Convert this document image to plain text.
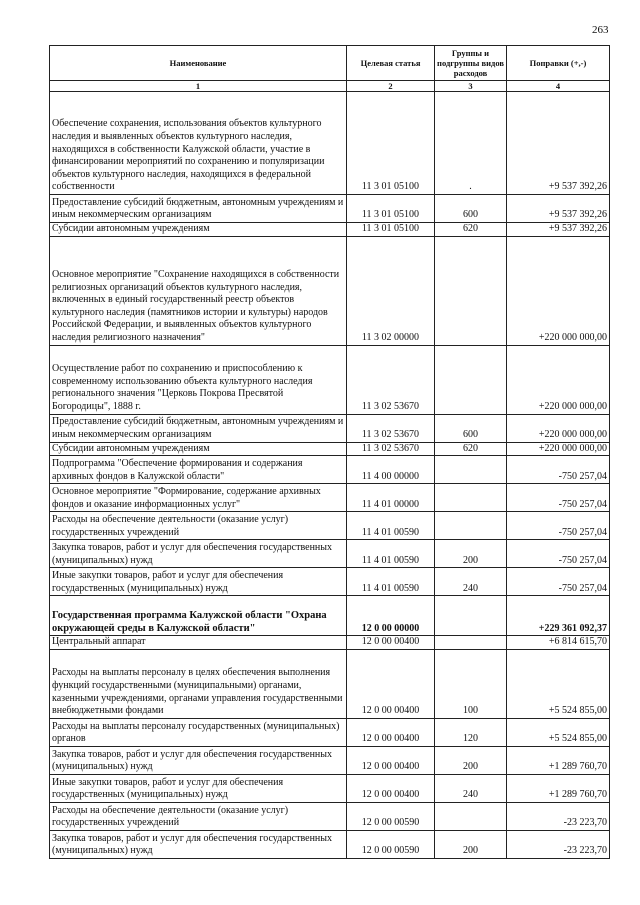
263
Наименование	Целевая статья	Группы и подгруппы видов расходов	Поправки (+,-)
1	2	3	4
Обеспечение сохранения, использования объектов культурного наследия и выявленных объектов культурного наследия, находящихся в собственности Калужской области, участие в финансировании мероприятий по сохранению и популяризации объектов культурного наследия, находящихся в федеральной собственности	11 3 01 05100	.	+9 537 392,26
Предоставление субсидий бюджетным, автономным учреждениям и иным некоммерческим организациям	11 3 01 05100	600	+9 537 392,26
Субсидии автономным учреждениям	11 3 01 05100	620	+9 537 392,26
Основное мероприятие "Сохранение находящихся в собственности религиозных организаций объектов культурного наследия, включенных в единый государственный реестр объектов культурного наследия (памятников истории и культуры) народов Российской Федерации, и выявленных объектов культурного наследия религиозного назначения"	11 3 02 00000		+220 000 000,00
Осуществление работ по сохранению и приспособлению к современному использованию объекта культурного наследия регионального значения "Церковь Покрова Пресвятой Богородицы", 1888 г.	11 3 02 53670		+220 000 000,00
Предоставление субсидий бюджетным, автономным учреждениям и иным некоммерческим организациям	11 3 02 53670	600	+220 000 000,00
Субсидии автономным учреждениям	11 3 02 53670	620	+220 000 000,00
Подпрограмма "Обеспечение формирования и содержания архивных фондов в Калужской области"	11 4 00 00000		-750 257,04
Основное мероприятие "Формирование, содержание архивных фондов и оказание информационных услуг"	11 4 01 00000		-750 257,04
Расходы на обеспечение деятельности (оказание услуг) государственных учреждений	11 4 01 00590		-750 257,04
Закупка товаров, работ и услуг для обеспечения государственных (муниципальных) нужд	11 4 01 00590	200	-750 257,04
Иные закупки товаров, работ и услуг для обеспечения государственных (муниципальных) нужд	11 4 01 00590	240	-750 257,04
Государственная программа Калужской области "Охрана окружающей среды в Калужской области"	12 0 00 00000		+229 361 092,37
Центральный аппарат	12 0 00 00400		+6 814 615,70
Расходы на выплаты персоналу в целях обеспечения выполнения функций государственными (муниципальными) органами, казенными учреждениями, органами управления государственными внебюджетными фондами	12 0 00 00400	100	+5 524 855,00
Расходы на выплаты персоналу государственных (муниципальных) органов	12 0 00 00400	120	+5 524 855,00
Закупка товаров, работ и услуг для обеспечения государственных (муниципальных) нужд	12 0 00 00400	200	+1 289 760,70
Иные закупки товаров, работ и услуг для обеспечения государственных (муниципальных) нужд	12 0 00 00400	240	+1 289 760,70
Расходы на обеспечение деятельности (оказание услуг) государственных учреждений	12 0 00 00590		-23 223,70
Закупка товаров, работ и услуг для обеспечения государственных (муниципальных) нужд	12 0 00 00590	200	-23 223,70
